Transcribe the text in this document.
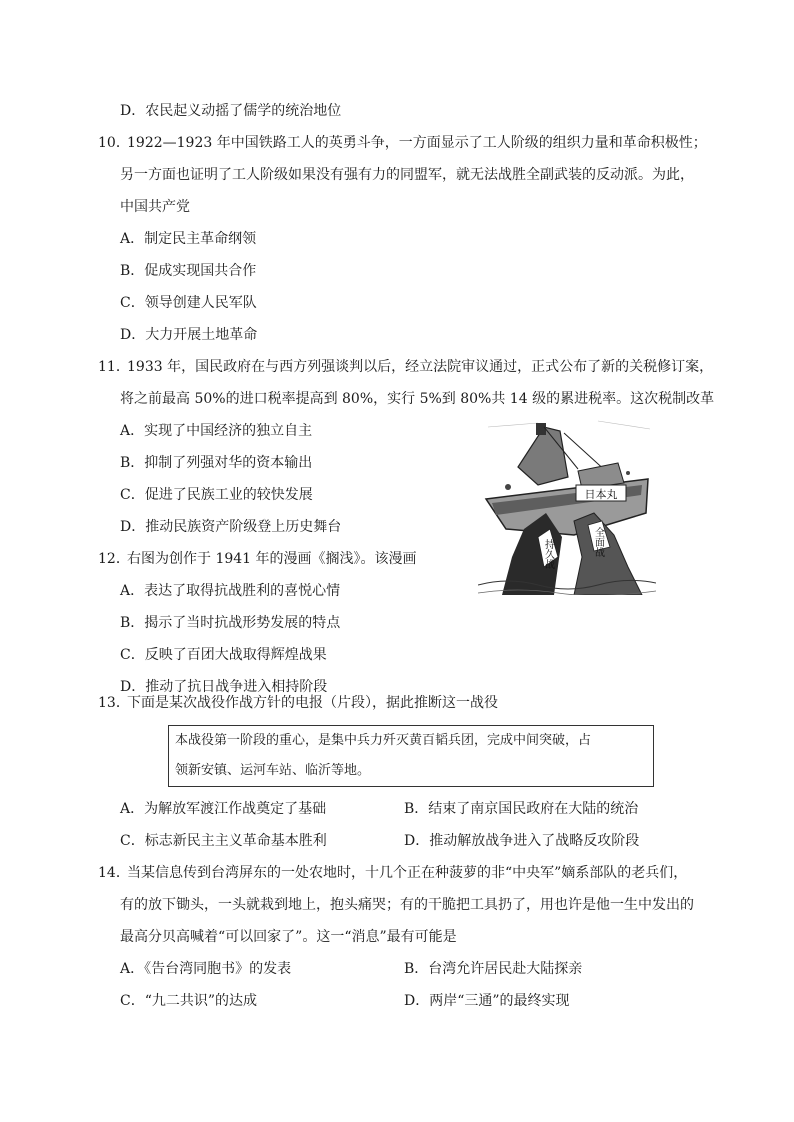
D．农民起义动摇了儒学的统治地位
10．
1922—1923 年中国铁路工人的英勇斗争，一方面显示了工人阶级的组织力量和革命积极性；
另一方面也证明了工人阶级如果没有强有力的同盟军，就无法战胜全副武装的反动派。为此，
中国共产党
A．制定民主革命纲领
B．促成实现国共合作
C．领导创建人民军队
D．大力开展土地革命
11．
1933 年，国民政府在与西方列强谈判以后，经立法院审议通过，正式公布了新的关税修订案，
将之前最高 50%的进口税率提高到 80%，实行 5%到 80%共 14 级的累进税率。这次税制改革
A．实现了中国经济的独立自主
B．抑制了列强对华的资本输出
C．促进了民族工业的较快发展
D．推动民族资产阶级登上历史舞台
日本丸
持久战	全面战
12．
右图为创作于 1941 年的漫画《搁浅》。该漫画
A．表达了取得抗战胜利的喜悦心情
B．揭示了当时抗战形势发展的特点
C．反映了百团大战取得辉煌战果
D．推动了抗日战争进入相持阶段
13．
下面是某次战役作战方针的电报（片段），据此推断这一战役
本战役第一阶段的重心，是集中兵力歼灭黄百韬兵团，完成中间突破，占
领新安镇、运河车站、临沂等地。
A．为解放军渡江作战奠定了基础	B．结束了南京国民政府在大陆的统治
C．标志新民主主义革命基本胜利	D．推动解放战争进入了战略反攻阶段
14．
当某信息传到台湾屏东的一处农地时，十几个正在种菠萝的非“中央军”嫡系部队的老兵们，
有的放下锄头，一头就栽到地上，抱头痛哭；有的干脆把工具扔了，用也许是他一生中发出的
最高分贝高喊着“可以回家了”。这一“消息”最有可能是
A．《告台湾同胞书》的发表	B．台湾允许居民赴大陆探亲
C．“九二共识”的达成	D．两岸“三通”的最终实现
